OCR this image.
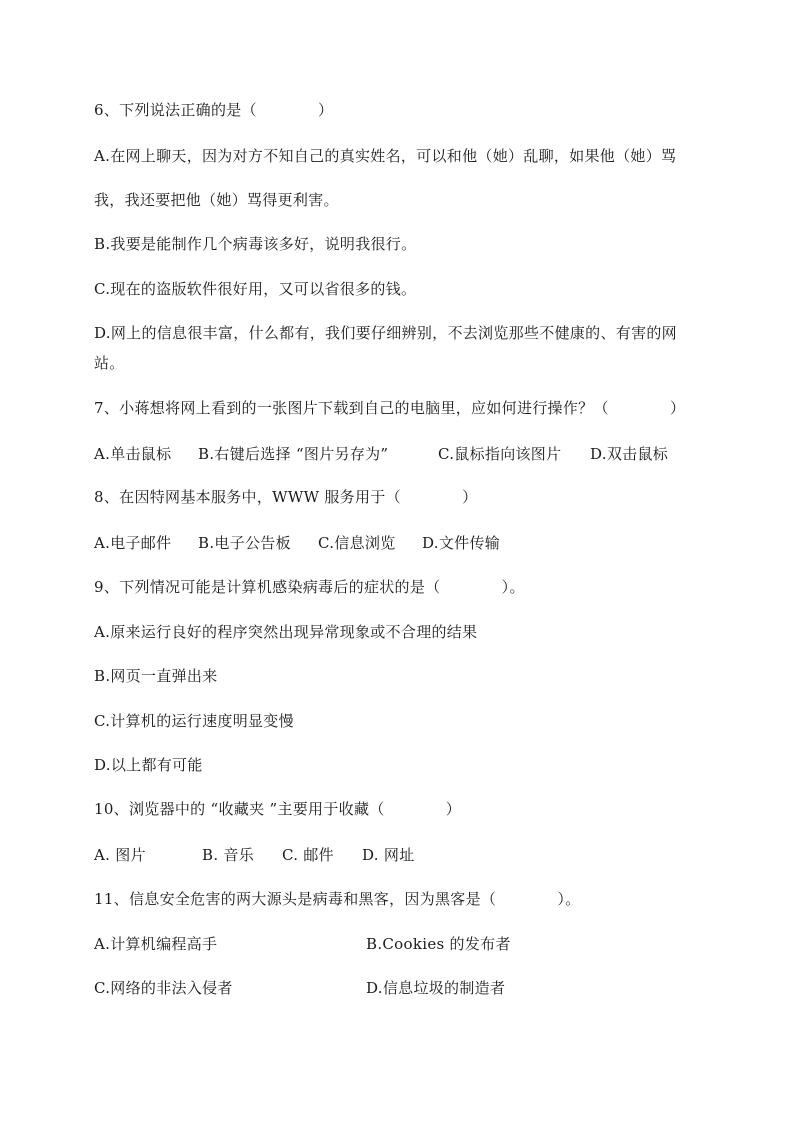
6、下列说法正确的是（　　　　）
A.在网上聊天，因为对方不知自己的真实姓名，可以和他（她）乱聊，如果他（她）骂
我，我还要把他（她）骂得更利害。
B.我要是能制作几个病毒该多好，说明我很行。
C.现在的盗版软件很好用，又可以省很多的钱。
D.网上的信息很丰富，什么都有，我们要仔细辨别，不去浏览那些不健康的、有害的网
站。
7、小蒋想将网上看到的一张图片下载到自己的电脑里，应如何进行操作？（　　　　）
A.单击鼠标 B.右键后选择 “图片另存为”	C.鼠标指向该图片 D.双击鼠标
8、在因特网基本服务中，WWW 服务用于（　　　　）
A.电子邮件 B.电子公告板 C.信息浏览 D.文件传输
9、下列情况可能是计算机感染病毒后的症状的是（　　　　）。
A.原来运行良好的程序突然出现异常现象或不合理的结果
B.网页一直弹出来
C.计算机的运行速度明显变慢
D.以上都有可能
10、浏览器中的 “收藏夹 ”主要用于收藏（　　　　）
A. 图片	B. 音乐 C. 邮件 D. 网址
11、信息安全危害的两大源头是病毒和黑客，因为黑客是（　　　　）。
A.计算机编程高手	B.Cookies 的发布者
C.网络的非法入侵者	D.信息垃圾的制造者
